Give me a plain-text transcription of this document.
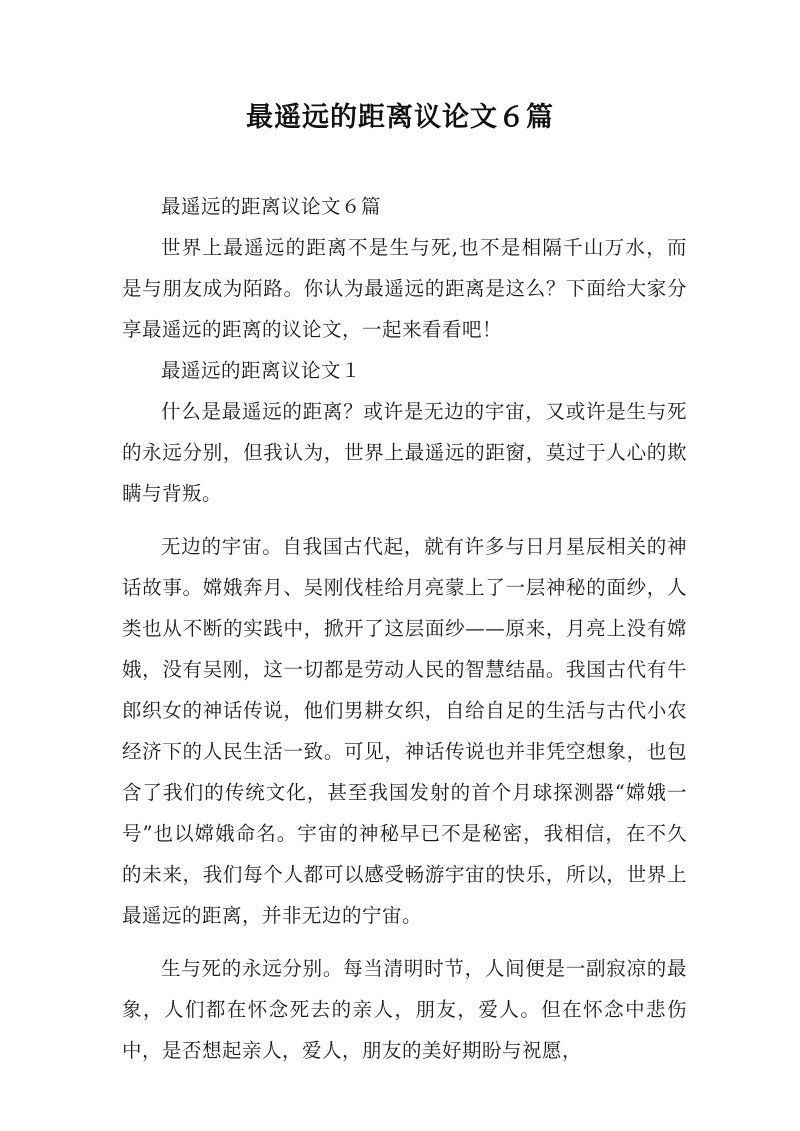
最遥远的距离议论文６篇

最遥远的距离议论文６篇

世界上最遥远的距离不是生与死,也不是相隔千山万水，而是与朋友成为陌路。你认为最遥远的距离是这么？下面给大家分享最遥远的距离的议论文，一起来看看吧！

最遥远的距离议论文１

什么是最遥远的距离？或许是无边的宇宙，又或许是生与死的永远分别，但我认为，世界上最遥远的距窗，莫过于人心的欺瞒与背叛。

无边的宇宙。自我国古代起，就有许多与日月星辰相关的神话故事。嫦娥奔月、吴刚伐桂给月亮蒙上了一层神秘的面纱，人类也从不断的实践中，掀开了这层面纱——原来，月亮上没有嫦娥，没有吴刚，这一切都是劳动人民的智慧结晶。我国古代有牛郎织女的神话传说，他们男耕女织，自给自足的生活与古代小农经济下的人民生活一致。可见，神话传说也并非凭空想象，也包含了我们的传统文化，甚至我国发射的首个月球探测器“嫦娥一号”也以嫦娥命名。宇宙的神秘早已不是秘密，我相信，在不久的未来，我们每个人都可以感受畅游宇宙的快乐，所以，世界上最遥远的距离，并非无边的宁宙。

生与死的永远分别。每当清明时节，人间便是一副寂凉的最象，人们都在怀念死去的亲人，朋友，爱人。但在怀念中悲伤中，是否想起亲人，爱人，朋友的美好期盼与祝愿，
